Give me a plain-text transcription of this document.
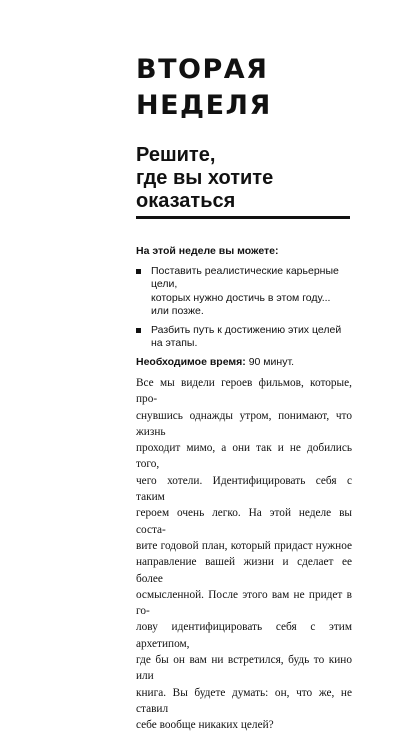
ВТОРАЯ
НЕДЕЛЯ
Решите,
где вы хотите
оказаться

На этой неделе вы можете:

Поставить реалистические карьерные цели,
которых нужно достичь в этом году...
или позже.
Разбить путь к достижению этих целей
на этапы.
Необходимое время: 90 минут.
Все мы видели героев фильмов, которые, про-
снувшись однажды утром, понимают, что жизнь
проходит мимо, а они так и не добились того,
чего хотели. Идентифицировать себя с таким
героем очень легко. На этой неделе вы соста-
вите годовой план, который придаст нужное
направление вашей жизни и сделает ее более
осмысленной. После этого вам не придет в го-
лову идентифицировать себя с этим архетипом,
где бы он вам ни встретился, будь то кино или
книга. Вы будете думать: он, что же, не ставил
себе вообще никаких целей?
